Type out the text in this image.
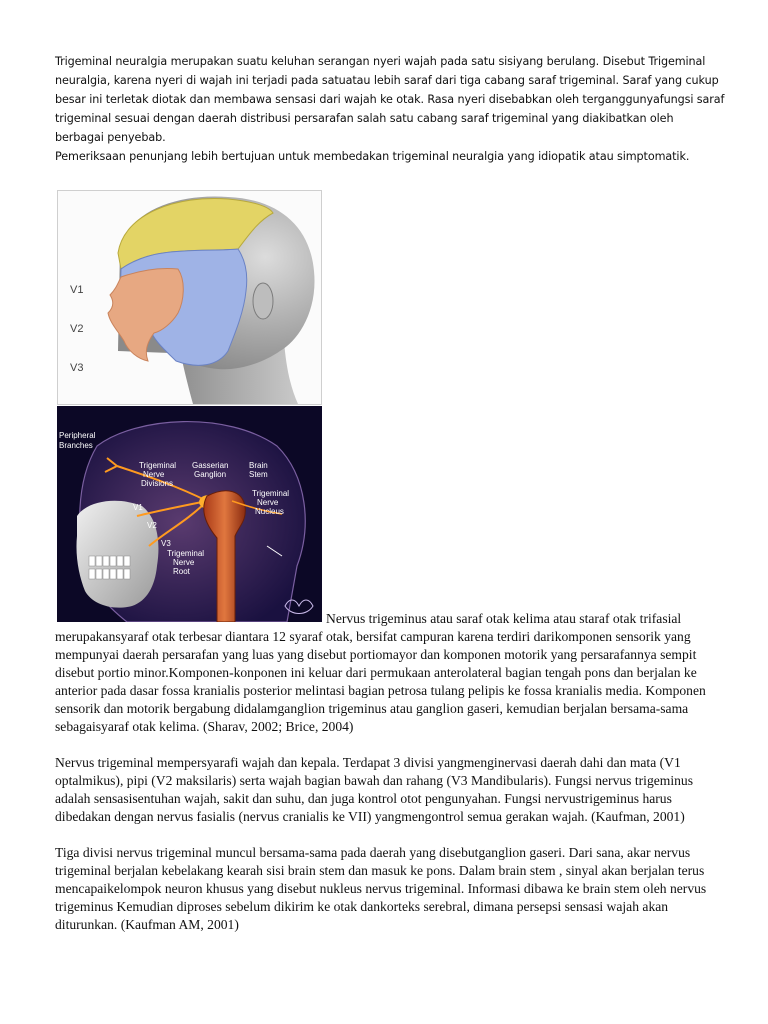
Trigeminal neuralgia merupakan suatu keluhan serangan nyeri wajah pada satu sisiyang berulang. Disebut Trigeminal neuralgia, karena nyeri di wajah ini terjadi pada satuatau lebih saraf dari tiga cabang saraf trigeminal. Saraf yang cukup besar ini terletak diotak dan membawa sensasi dari wajah ke otak. Rasa nyeri disebabkan oleh terganggunyafungsi saraf trigeminal sesuai dengan daerah distribusi persarafan salah satu cabang saraf trigeminal yang diakibatkan oleh berbagai penyebab.

Pemeriksaan penunjang lebih bertujuan untuk membedakan trigeminal neuralgia yang idiopatik atau simptomatik.

V1
V2
V3
Peripheral
Branches
Trigeminal
Nerve
Divisions
Gasserian
Ganglion
Brain
Stem
Trigeminal
Nerve
Nucleus
Trigeminal
Nerve
Root
V1
V2
V3

Nervus trigeminus atau saraf otak kelima atau staraf otak trifasial merupakansyaraf otak terbesar diantara 12 syaraf otak, bersifat campuran karena terdiri darikomponen sensorik yang mempunyai daerah persarafan yang luas yang disebut portiomayor dan komponen motorik yang persarafannya sempit disebut portio minor.Komponen-konponen ini keluar dari permukaan anterolateral bagian tengah pons dan berjalan ke anterior pada dasar fossa kranialis posterior melintasi bagian petrosa tulang pelipis ke fossa kranialis media. Komponen sensorik dan motorik bergabung didalamganglion trigeminus atau ganglion gaseri, kemudian berjalan bersama-sama sebagaisyaraf otak kelima. (Sharav, 2002; Brice, 2004)

Nervus trigeminal mempersyarafi wajah dan kepala. Terdapat 3 divisi yangmenginervasi daerah dahi dan mata (V1 optalmikus), pipi (V2 maksilaris) serta wajah bagian bawah dan rahang (V3 Mandibularis). Fungsi nervus trigeminus adalah sensasisentuhan wajah, sakit dan suhu, dan juga kontrol otot pengunyahan. Fungsi nervustrigeminus harus dibedakan dengan nervus fasialis (nervus cranialis ke VII) yangmengontrol semua gerakan wajah. (Kaufman, 2001)

Tiga divisi nervus trigeminal muncul bersama-sama pada daerah yang disebutganglion gaseri. Dari sana, akar nervus trigeminal berjalan kebelakang kearah sisi brain stem dan masuk ke pons. Dalam brain stem , sinyal akan berjalan terus mencapaikelompok neuron khusus yang disebut nukleus nervus trigeminal. Informasi dibawa ke brain stem oleh nervus trigeminus Kemudian diproses sebelum dikirim ke otak dankorteks serebral, dimana persepsi sensasi wajah akan diturunkan. (Kaufman AM, 2001)
